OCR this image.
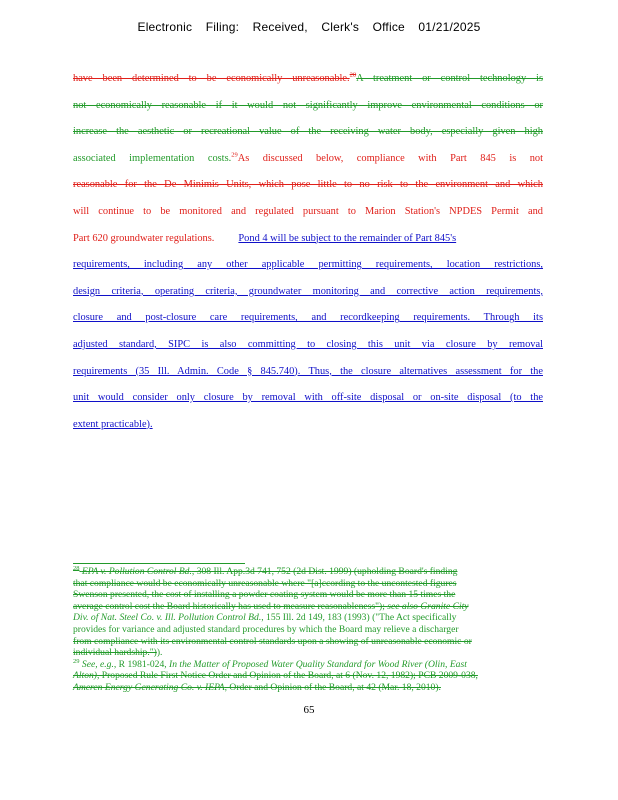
Electronic Filing: Received, Clerk's Office 01/21/2025
have been determined to be economically unreasonable.$^{28}$A treatment or control technology is
not economically reasonable if it would not significantly improve environmental conditions or
increase the aesthetic or recreational value of the receiving water body, especially given high
associated implementation costs.$^{29}$As discussed below, compliance with Part 845 is not
reasonable for the De Minimis Units, which pose little to no risk to the environment and which
will continue to be monitored and regulated pursuant to Marion Station's NPDES Permit and
Part 620 groundwater regulations. Pond 4 will be subject to the remainder of Part 845's
requirements, including any other applicable permitting requirements, location restrictions,
design criteria, operating criteria, groundwater monitoring and corrective action requirements,
closure and post-closure care requirements, and recordkeeping requirements. Through its
adjusted standard, SIPC is also committing to closing this unit via closure by removal
requirements (35 Ill. Admin. Code § 845.740). Thus, the closure alternatives assessment for the
unit would consider only closure by removal with off-site disposal or on-site disposal (to the
extent practicable).
$^{28}$ EPA v. Pollution Control Bd., 308 Ill. App.3d 741, 752 (2d Dist. 1999) (upholding Board's finding
that compliance would be economically unreasonable where "[a]ccording to the uncontested figures
Swenson presented, the cost of installing a powder coating system would be more than 15 times the
average control cost the Board historically has used to measure reasonableness"); see also Granite City
Div. of Nat. Steel Co. v. Ill. Pollution Control Bd., 155 Ill. 2d 149, 183 (1993) ("The Act specifically
provides for variance and adjusted standard procedures by which the Board may relieve a discharger
from compliance with its environmental control standards upon a showing of unreasonable economic or
individual hardship.")).
$^{29}$ See, e.g., R 1981-024, In the Matter of Proposed Water Quality Standard for Wood River (Olin, East
Alton), Proposed Rule First Notice Order and Opinion of the Board, at 6 (Nov. 12, 1982); PCB 2009-038,
Ameren Energy Generating Co. v. IEPA, Order and Opinion of the Board, at 42 (Mar. 18, 2010).
65
